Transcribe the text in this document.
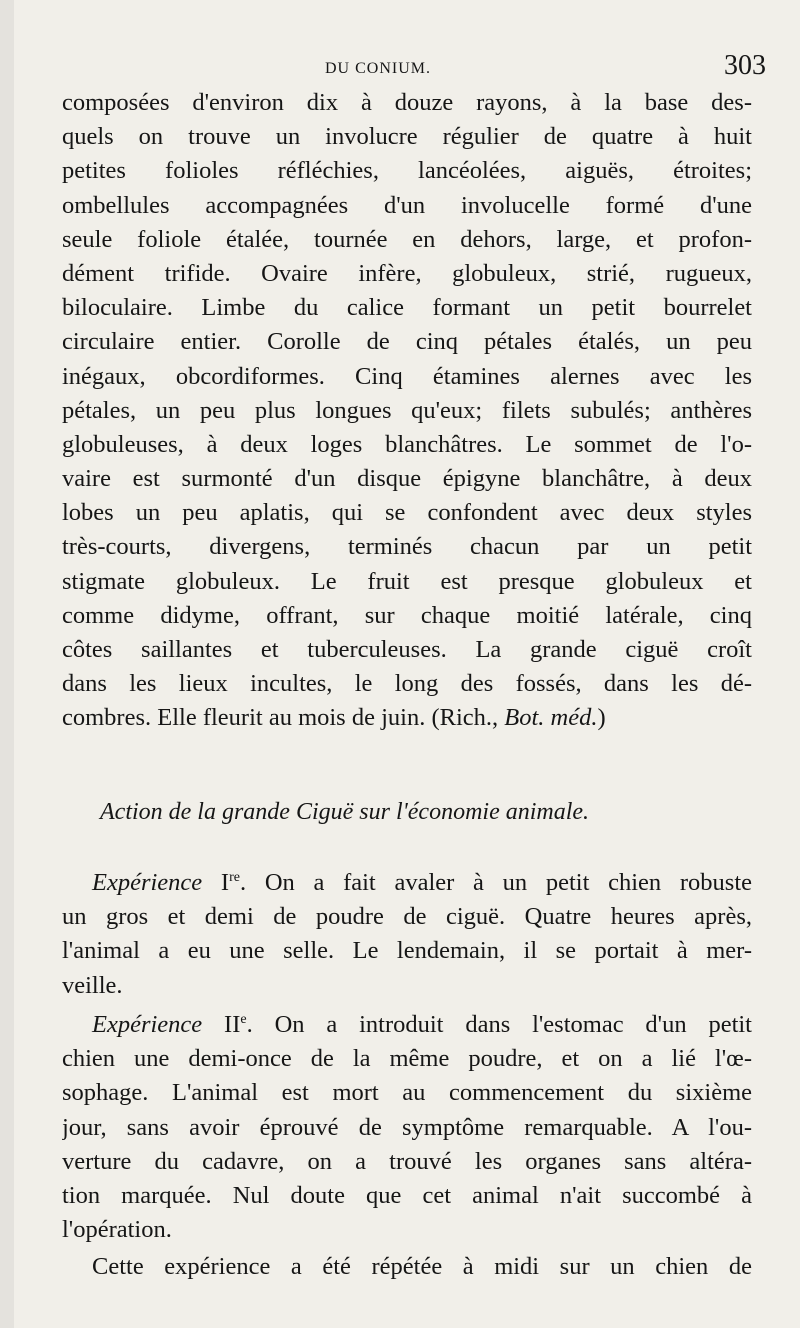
DU CONIUM.	303
composées d'environ dix à douze rayons, à la base des-
quels on trouve un involucre régulier de quatre à huit
petites folioles réfléchies, lancéolées, aiguës, étroites;
ombellules accompagnées d'un involucelle formé d'une
seule foliole étalée, tournée en dehors, large, et profon-
dément trifide. Ovaire infère, globuleux, strié, rugueux,
biloculaire. Limbe du calice formant un petit bourrelet
circulaire entier. Corolle de cinq pétales étalés, un peu
inégaux, obcordiformes. Cinq étamines alernes avec les
pétales, un peu plus longues qu'eux; filets subulés; anthères
globuleuses, à deux loges blanchâtres. Le sommet de l'o-
vaire est surmonté d'un disque épigyne blanchâtre, à deux
lobes un peu aplatis, qui se confondent avec deux styles
très-courts, divergens, terminés chacun par un petit
stigmate globuleux. Le fruit est presque globuleux et
comme didyme, offrant, sur chaque moitié latérale, cinq
côtes saillantes et tuberculeuses. La grande ciguë croît
dans les lieux incultes, le long des fossés, dans les dé-
combres. Elle fleurit au mois de juin. (Rich., Bot. méd.)
Action de la grande Ciguë sur l'économie animale.
Expérience Ire. On a fait avaler à un petit chien robuste
un gros et demi de poudre de ciguë. Quatre heures après,
l'animal a eu une selle. Le lendemain, il se portait à mer-
veille.
Expérience IIe. On a introduit dans l'estomac d'un petit
chien une demi-once de la même poudre, et on a lié l'œ-
sophage. L'animal est mort au commencement du sixième
jour, sans avoir éprouvé de symptôme remarquable. A l'ou-
verture du cadavre, on a trouvé les organes sans altéra-
tion marquée. Nul doute que cet animal n'ait succombé à
l'opération.
Cette expérience a été répétée à midi sur un chien de
